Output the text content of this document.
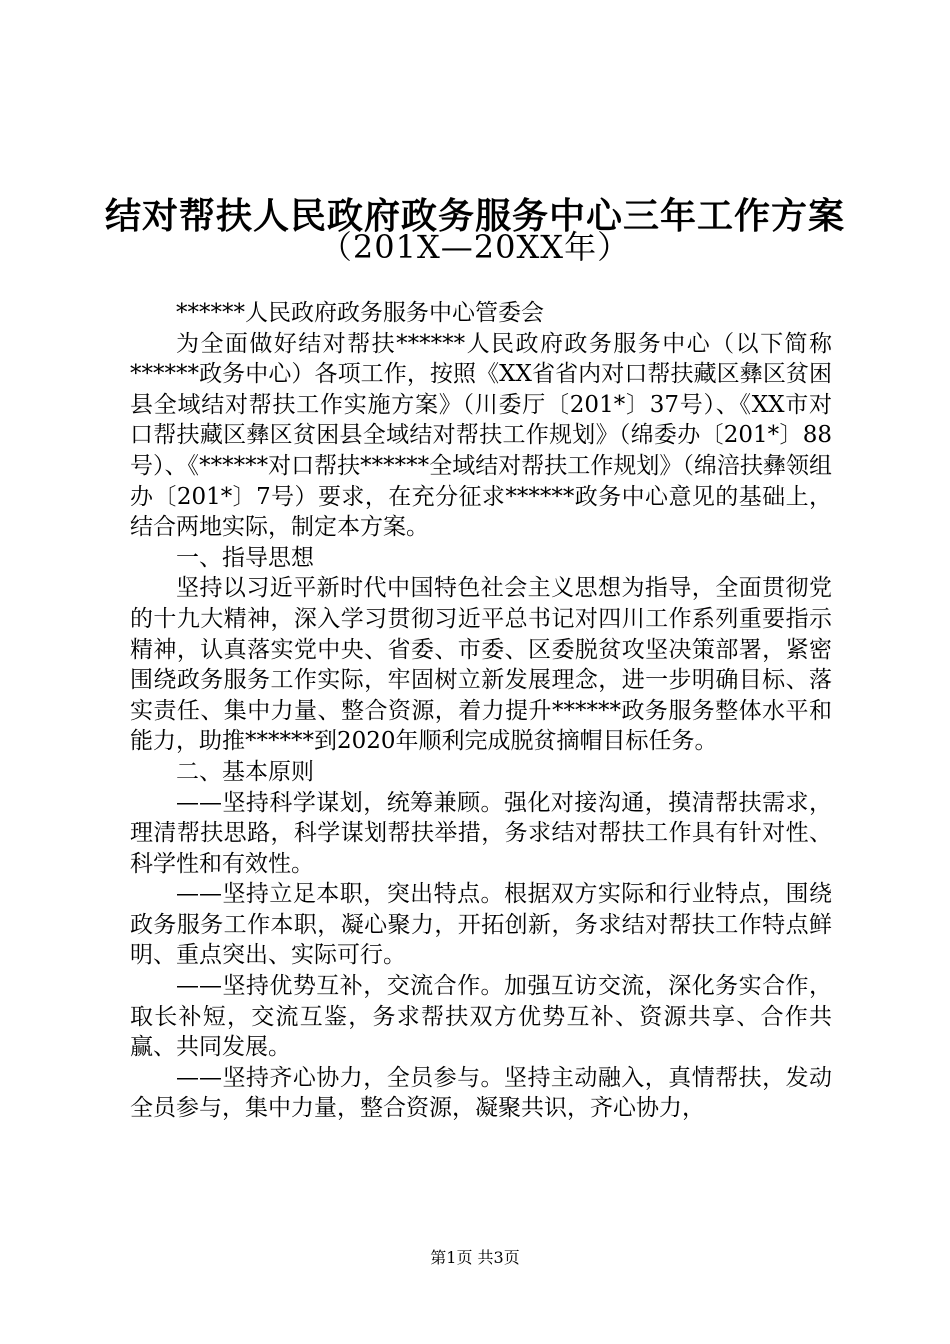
结对帮扶人民政府政务服务中心三年工作方案
（201X—20XX年）

******人民政府政务服务中心管委会

为全面做好结对帮扶******人民政府政务服务中心（以下简称******政务中心）各项工作，按照《XX省省内对口帮扶藏区彝区贫困县全域结对帮扶工作实施方案》（川委厅〔201*〕37号）、《XX市对口帮扶藏区彝区贫困县全域结对帮扶工作规划》（绵委办〔201*〕88号）、《******对口帮扶******全域结对帮扶工作规划》（绵涪扶彝领组办〔201*〕7号）要求，在充分征求******政务中心意见的基础上，结合两地实际，制定本方案。

一、指导思想

坚持以习近平新时代中国特色社会主义思想为指导，全面贯彻党的十九大精神，深入学习贯彻习近平总书记对四川工作系列重要指示精神，认真落实党中央、省委、市委、区委脱贫攻坚决策部署，紧密围绕政务服务工作实际，牢固树立新发展理念，进一步明确目标、落实责任、集中力量、整合资源，着力提升******政务服务整体水平和能力，助推******到2020年顺利完成脱贫摘帽目标任务。

二、基本原则

——坚持科学谋划，统筹兼顾。强化对接沟通，摸清帮扶需求，理清帮扶思路，科学谋划帮扶举措，务求结对帮扶工作具有针对性、科学性和有效性。

——坚持立足本职，突出特点。根据双方实际和行业特点，围绕政务服务工作本职，凝心聚力，开拓创新，务求结对帮扶工作特点鲜明、重点突出、实际可行。

——坚持优势互补，交流合作。加强互访交流，深化务实合作，取长补短，交流互鉴，务求帮扶双方优势互补、资源共享、合作共赢、共同发展。

——坚持齐心协力，全员参与。坚持主动融入，真情帮扶，发动全员参与，集中力量，整合资源，凝聚共识，齐心协力，

第1页 共3页
